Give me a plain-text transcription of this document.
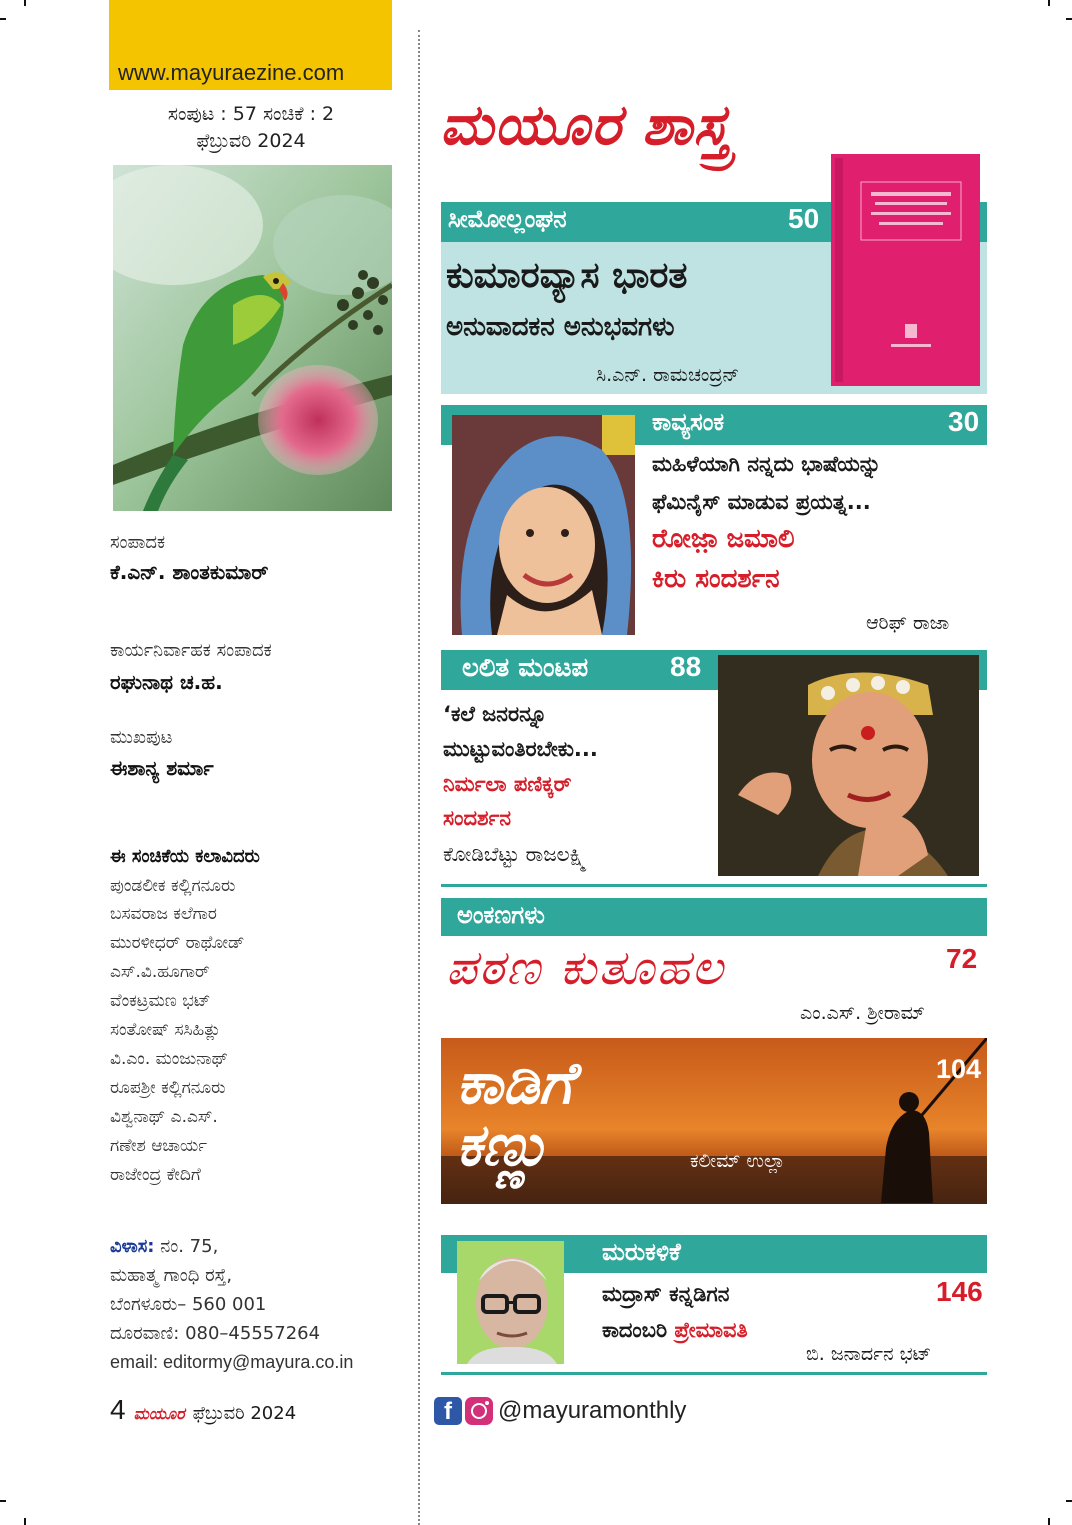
www.mayuraezine.com
ಸಂಪುಟ : 57 ಸಂಚಿಕೆ : 2
ಫೆಬ್ರುವರಿ 2024
ಸಂಪಾದಕ
ಕೆ.ಎನ್. ಶಾಂತಕುಮಾರ್
ಕಾರ್ಯನಿರ್ವಾಹಕ ಸಂಪಾದಕ
ರಘುನಾಥ ಚ.ಹ.
ಮುಖಪುಟ
ಈಶಾನ್ಯ ಶರ್ಮಾ
ಈ ಸಂಚಿಕೆಯ ಕಲಾವಿದರು
ಪುಂಡಲೀಕ ಕಲ್ಲಿಗನೂರು
ಬಸವರಾಜ ಕಲೆಗಾರ
ಮುರಳೀಧರ್ ರಾಥೋಡ್
ಎಸ್.ವಿ.ಹೂಗಾರ್
ವೆಂಕಟ್ರಮಣ ಭಟ್
ಸಂತೋಷ್ ಸಸಿಹಿತ್ಲು
ವಿ.ಎಂ. ಮಂಜುನಾಥ್
ರೂಪಶ್ರೀ ಕಲ್ಲಿಗನೂರು
ವಿಶ್ವನಾಥ್ ಎ.ಎಸ್.
ಗಣೇಶ ಆಚಾರ್ಯ
ರಾಜೇಂದ್ರ ಕೇದಿಗೆ
ವಿಳಾಸ: ನಂ. 75,
ಮಹಾತ್ಮ ಗಾಂಧಿ ರಸ್ತೆ,
ಬೆಂಗಳೂರು– 560 001
ದೂರವಾಣಿ: 080–45557264
email: editormy@mayura.co.in
4 ಮಯೂರ ಫೆಬ್ರುವರಿ 2024
ಮಯೂರ ಶಾಸ್ತ್ರ
ಸೀಮೋಲ್ಲಂಘನ	50
ಕುಮಾರವ್ಯಾಸ ಭಾರತ
ಅನುವಾದಕನ ಅನುಭವಗಳು
ಸಿ.ಎನ್. ರಾಮಚಂದ್ರನ್
ಕಾವ್ಯಸಂಕ	30
ಮಹಿಳೆಯಾಗಿ ನನ್ನದು ಭಾಷೆಯನ್ನು
ಫೆಮಿನೈಸ್ ಮಾಡುವ ಪ್ರಯತ್ನ...
ರೋಜ಼ಾ ಜಮಾಲಿ
ಕಿರು ಸಂದರ್ಶನ
ಆರಿಫ್ ರಾಜಾ
ಲಲಿತ ಮಂಟಪ	88
‘ಕಲೆ ಜನರನ್ನೂ
ಮುಟ್ಟುವಂತಿರಬೇಕು...
ನಿರ್ಮಲಾ ಪಣಿಕ್ಕರ್
ಸಂದರ್ಶನ
ಕೋಡಿಬೆಟ್ಟು ರಾಜಲಕ್ಷ್ಮಿ
ಅಂಕಣಗಳು
ಪಠಣ ಕುತೂಹಲ	72
ಎಂ.ಎಸ್. ಶ್ರೀರಾಮ್
ಕಾಡಿಗೆ ಕಣ್ಣು
104
ಕಲೀಮ್ ಉಲ್ಲಾ
ಮರುಕಳಿಕೆ
ಮದ್ರಾಸ್ ಕನ್ನಡಿಗನ
ಕಾದಂಬರಿ ಪ್ರೇಮಾವತಿ
146
ಬಿ. ಜನಾರ್ದನ ಭಟ್
f	@mayuramonthly
